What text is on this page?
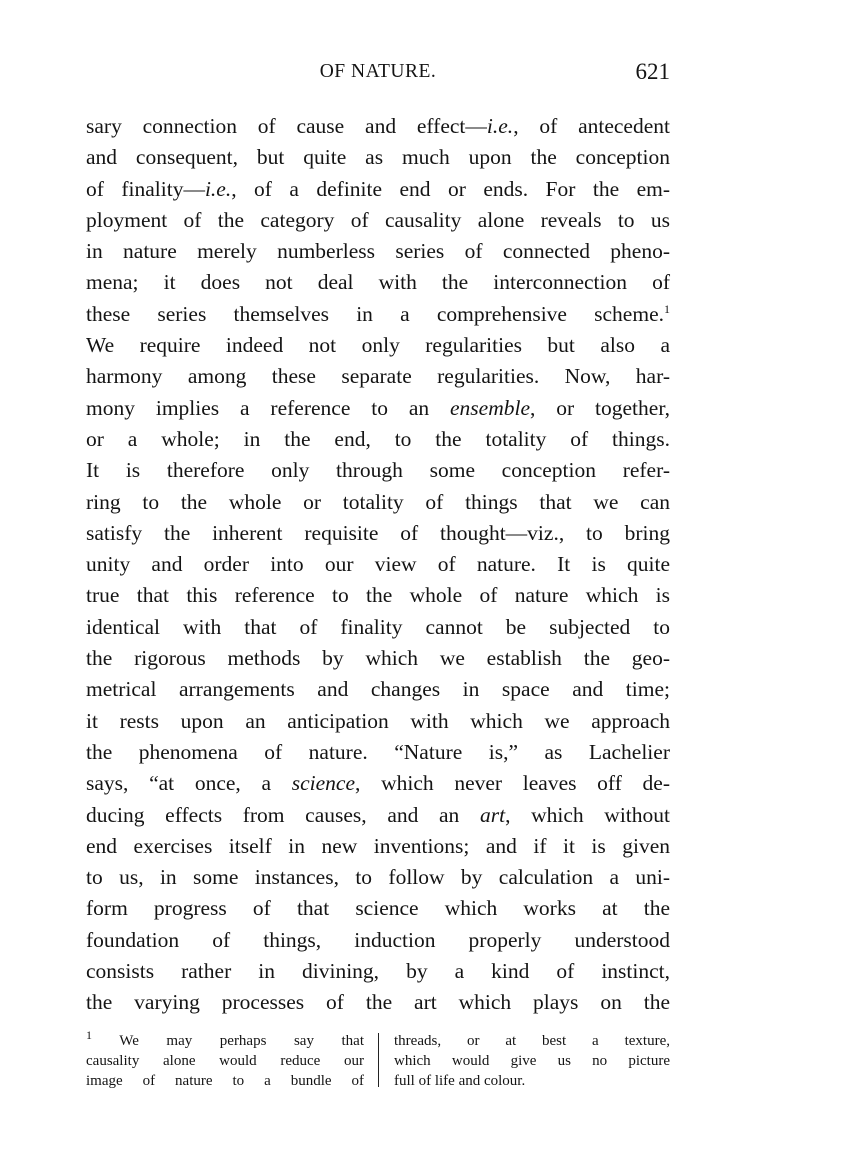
OF NATURE.	621
sary connection of cause and effect—i.e., of antecedent
and consequent, but quite as much upon the conception
of finality—i.e., of a definite end or ends. For the em-
ployment of the category of causality alone reveals to us
in nature merely numberless series of connected pheno-
mena; it does not deal with the interconnection of
these series themselves in a comprehensive scheme.$^1$
We require indeed not only regularities but also a
harmony among these separate regularities. Now, har-
mony implies a reference to an ensemble, or together,
or a whole; in the end, to the totality of things.
It is therefore only through some conception refer-
ring to the whole or totality of things that we can
satisfy the inherent requisite of thought—viz., to bring
unity and order into our view of nature. It is quite
true that this reference to the whole of nature which is
identical with that of finality cannot be subjected to
the rigorous methods by which we establish the geo-
metrical arrangements and changes in space and time;
it rests upon an anticipation with which we approach
the phenomena of nature. “Nature is,” as Lachelier
says, “at once, a science, which never leaves off de-
ducing effects from causes, and an art, which without
end exercises itself in new inventions; and if it is given
to us, in some instances, to follow by calculation a uni-
form progress of that science which works at the
foundation of things, induction properly understood
consists rather in divining, by a kind of instinct,
the varying processes of the art which plays on the
$^1$ We may perhaps say that
causality alone would reduce our
image of nature to a bundle of
threads, or at best a texture,
which would give us no picture
full of life and colour.
